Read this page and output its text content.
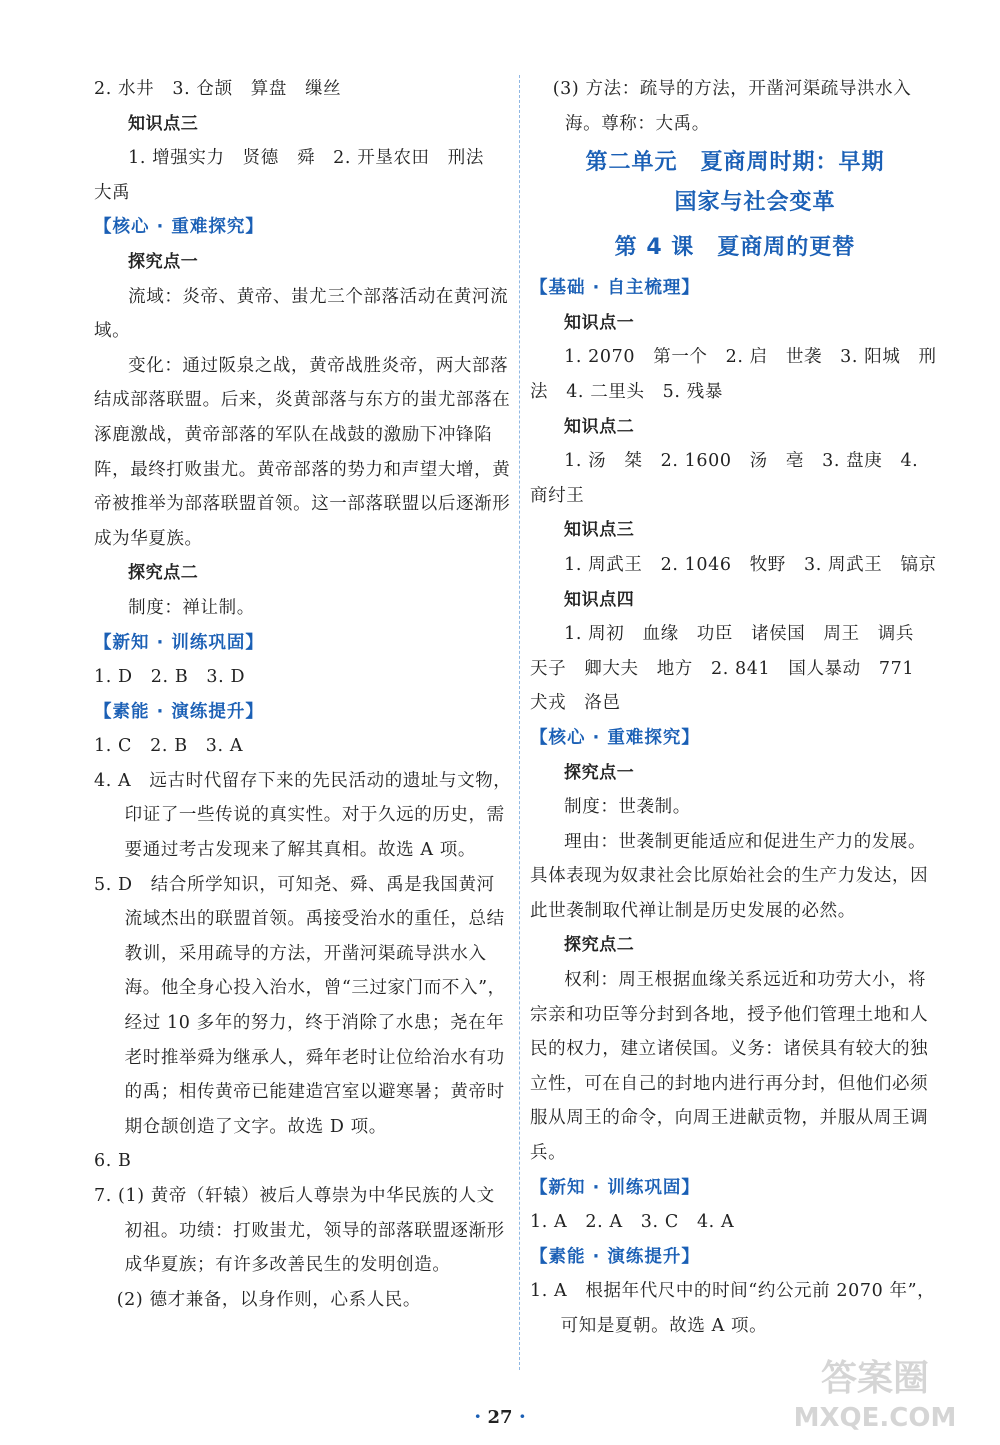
2. 水井　3. 仓颉　算盘　缫丝

知识点三

1. 增强实力　贤德　舜　2. 开垦农田　刑法　大禹

【核心 · 重难探究】

探究点一

流域：炎帝、黄帝、蚩尤三个部落活动在黄河流域。

变化：通过阪泉之战，黄帝战胜炎帝，两大部落结成部落联盟。后来，炎黄部落与东方的蚩尤部落在涿鹿激战，黄帝部落的军队在战鼓的激励下冲锋陷阵，最终打败蚩尤。黄帝部落的势力和声望大增，黄帝被推举为部落联盟首领。这一部落联盟以后逐渐形成为华夏族。

探究点二

制度：禅让制。

【新知 · 训练巩固】

1. D　2. B　3. D

【素能 · 演练提升】

1. C　2. B　3. A

4. A　远古时代留存下来的先民活动的遗址与文物，印证了一些传说的真实性。对于久远的历史，需要通过考古发现来了解其真相。故选 A 项。

5. D　结合所学知识，可知尧、舜、禹是我国黄河流域杰出的联盟首领。禹接受治水的重任，总结教训，采用疏导的方法，开凿河渠疏导洪水入海。他全身心投入治水，曾“三过家门而不入”，经过 10 多年的努力，终于消除了水患；尧在年老时推举舜为继承人，舜年老时让位给治水有功的禹；相传黄帝已能建造宫室以避寒暑；黄帝时期仓颉创造了文字。故选 D 项。

6. B

7. (1) 黄帝（轩辕）被后人尊崇为中华民族的人文初祖。功绩：打败蚩尤，领导的部落联盟逐渐形成华夏族；有许多改善民生的发明创造。

(2) 德才兼备，以身作则，心系人民。

(3) 方法：疏导的方法，开凿河渠疏导洪水入海。尊称：大禹。

第二单元　夏商周时期：早期

国家与社会变革

第 4 课　夏商周的更替

【基础 · 自主梳理】

知识点一

1. 2070　第一个　2. 启　世袭　3. 阳城　刑法　4. 二里头　5. 残暴

知识点二

1. 汤　桀　2. 1600　汤　亳　3. 盘庚　4. 商纣王

知识点三

1. 周武王　2. 1046　牧野　3. 周武王　镐京

知识点四

1. 周初　血缘　功臣　诸侯国　周王　调兵　天子　卿大夫　地方　2. 841　国人暴动　771　犬戎　洛邑

【核心 · 重难探究】

探究点一

制度：世袭制。

理由：世袭制更能适应和促进生产力的发展。具体表现为奴隶社会比原始社会的生产力发达，因此世袭制取代禅让制是历史发展的必然。

探究点二

权利：周王根据血缘关系远近和功劳大小，将宗亲和功臣等分封到各地，授予他们管理土地和人民的权力，建立诸侯国。义务：诸侯具有较大的独立性，可在自己的封地内进行再分封，但他们必须服从周王的命令，向周王进献贡物，并服从周王调兵。

【新知 · 训练巩固】

1. A　2. A　3. C　4. A

【素能 · 演练提升】

1. A　根据年代尺中的时间“约公元前 2070 年”，可知是夏朝。故选 A 项。

· 27 ·
答案圈
MXQE.COM
